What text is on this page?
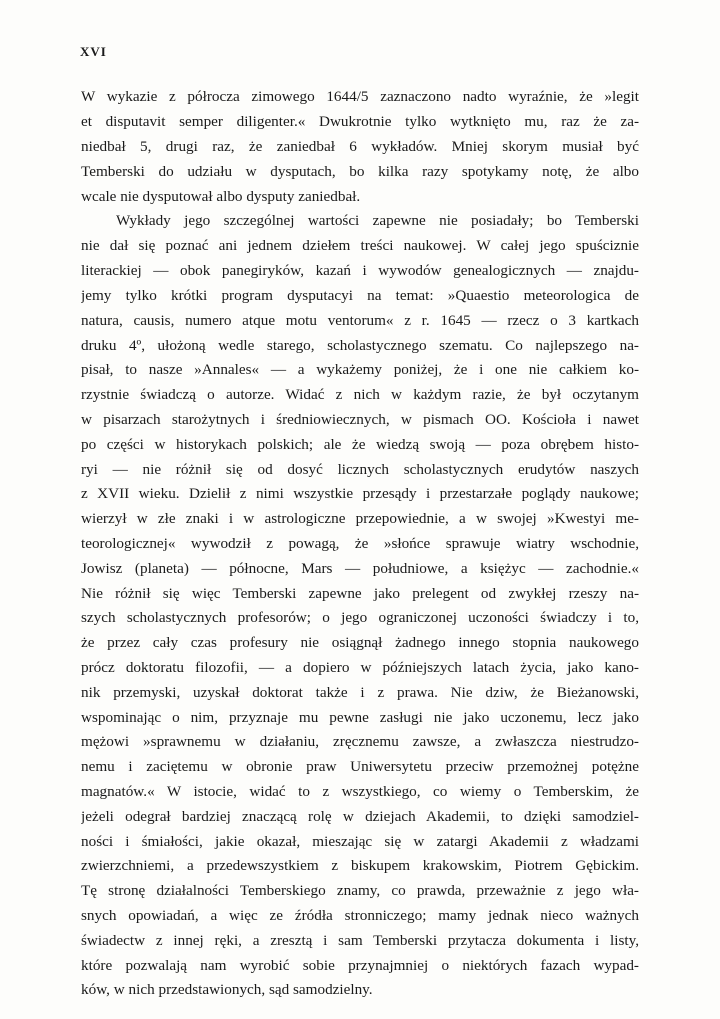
XVI
W wykazie z półrocza zimowego 1644/5 zaznaczono nadto wyraźnie, że »legit
et disputavit semper diligenter.« Dwukrotnie tylko wytknięto mu, raz że za-
niedbał 5, drugi raz, że zaniedbał 6 wykładów. Mniej skorym musiał być
Temberski do udziału w dysputach, bo kilka razy spotykamy notę, że albo
wcale nie dysputował albo dysputy zaniedbał.
Wykłady jego szczególnej wartości zapewne nie posiadały; bo Temberski
nie dał się poznać ani jednem dziełem treści naukowej. W całej jego spuściznie
literackiej — obok panegiryków, kazań i wywodów genealogicznych — znajdu-
jemy tylko krótki program dysputacyi na temat: »Quaestio meteorologica de
natura, causis, numero atque motu ventorum« z r. 1645 — rzecz o 3 kartkach
druku 4º, ułożoną wedle starego, scholastycznego szematu. Co najlepszego na-
pisał, to nasze »Annales« — a wykażemy poniżej, że i one nie całkiem ko-
rzystnie świadczą o autorze. Widać z nich w każdym razie, że był oczytanym
w pisarzach starożytnych i średniowiecznych, w pismach OO. Kościoła i nawet
po części w historykach polskich; ale że wiedzą swoją — poza obrębem histo-
ryi — nie różnił się od dosyć licznych scholastycznych erudytów naszych
z XVII wieku. Dzielił z nimi wszystkie przesądy i przestarzałe poglądy naukowe;
wierzył w złe znaki i w astrologiczne przepowiednie, a w swojej »Kwestyi me-
teorologicznej« wywodził z powagą, że »słońce sprawuje wiatry wschodnie,
Jowisz (planeta) — północne, Mars — południowe, a księżyc — zachodnie.«
Nie różnił się więc Temberski zapewne jako prelegent od zwykłej rzeszy na-
szych scholastycznych profesorów; o jego ograniczonej uczoności świadczy i to,
że przez cały czas profesury nie osiągnął żadnego innego stopnia naukowego
prócz doktoratu filozofii, — a dopiero w późniejszych latach życia, jako kano-
nik przemyski, uzyskał doktorat także i z prawa. Nie dziw, że Bieżanowski,
wspominając o nim, przyznaje mu pewne zasługi nie jako uczonemu, lecz jako
mężowi »sprawnemu w działaniu, zręcznemu zawsze, a zwłaszcza niestrudzo-
nemu i zaciętemu w obronie praw Uniwersytetu przeciw przemożnej potężne
magnatów.« W istocie, widać to z wszystkiego, co wiemy o Temberskim, że
jeżeli odegrał bardziej znaczącą rolę w dziejach Akademii, to dzięki samodziel-
ności i śmiałości, jakie okazał, mieszając się w zatargi Akademii z władzami
zwierzchniemi, a przedewszystkiem z biskupem krakowskim, Piotrem Gębickim.
Tę stronę działalności Temberskiego znamy, co prawda, przeważnie z jego wła-
snych opowiadań, a więc ze źródła stronniczego; mamy jednak nieco ważnych
świadectw z innej ręki, a zresztą i sam Temberski przytacza dokumenta i listy,
które pozwalają nam wyrobić sobie przynajmniej o niektórych fazach wypad-
ków, w nich przedstawionych, sąd samodzielny.
